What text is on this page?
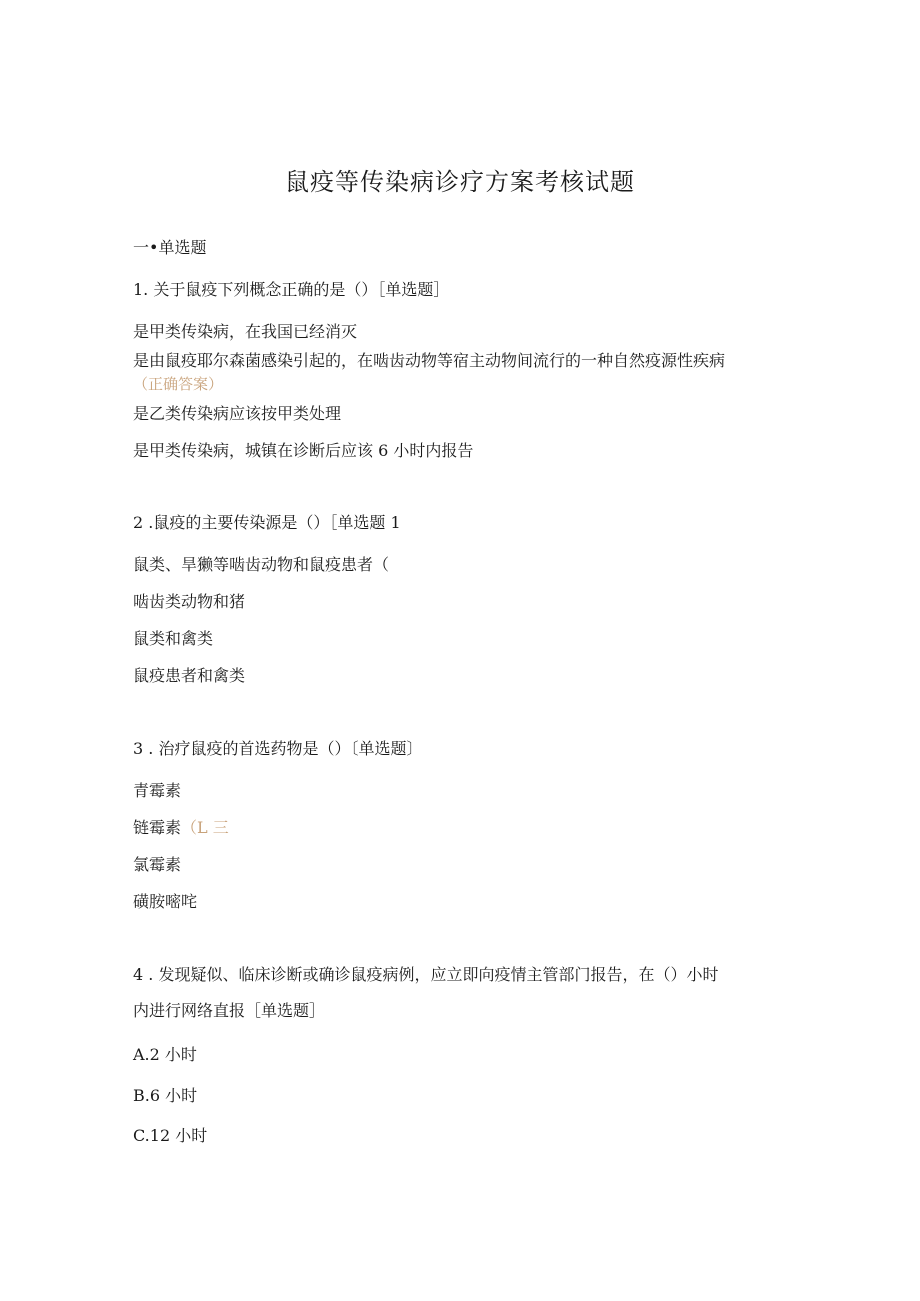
鼠疫等传染病诊疗方案考核试题
一•单选题
1. 关于鼠疫下列概念正确的是（）［单选题］
是甲类传染病，在我国已经消灭
是由鼠疫耶尔森菌感染引起的，在啮齿动物等宿主动物间流行的一种自然疫源性疾病
（正确答案）
是乙类传染病应该按甲类处理
是甲类传染病，城镇在诊断后应该 6 小时内报告
2 .鼠疫的主要传染源是（）［单选题 1
鼠类、旱獭等啮齿动物和鼠疫患者（
啮齿类动物和猪
鼠类和禽类
鼠疫患者和禽类
3 . 治疗鼠疫的首选药物是（）〔单选题〕
青霉素
链霉素（L 三
氯霉素
磺胺嘧咤
4 . 发现疑似、临床诊断或确诊鼠疫病例，应立即向疫情主管部门报告，在（）小时
内进行网络直报［单选题］
A.2 小时
B.6 小时
C.12 小时
